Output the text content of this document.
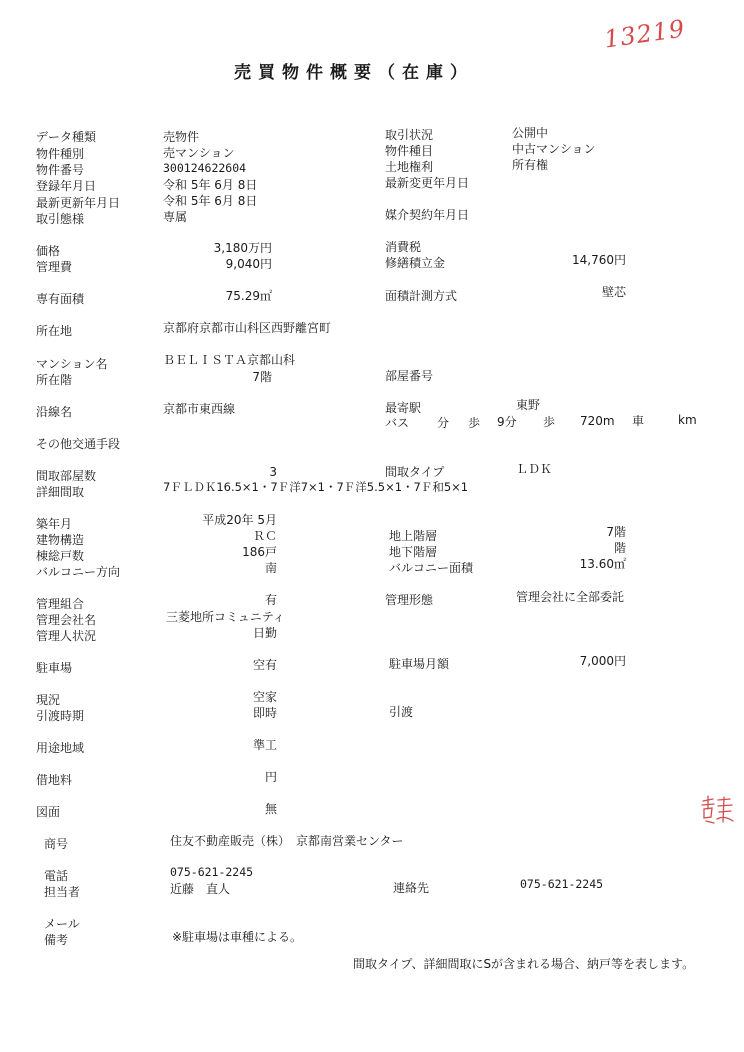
13219
売買物件概要（在庫）
データ種類	売物件
物件種別	売マンション
物件番号	300124622604
登録年月日	令和 5年 6月 8日
最新更新年月日	令和 5年 6月 8日
取引態様	専属
取引状況	公開中
物件種目	中古マンション
土地権利	所有権
最新変更年月日
媒介契約年月日
価格	3,180万円
管理費	9,040円
消費税
修繕積立金	14,760円
専有面積	75.29㎡	面積計測方式	壁芯
所在地	京都府京都市山科区西野離宮町
マンション名	ＢＥＬＩＳＴＡ京都山科
所在階	7階	部屋番号
沿線名	京都市東西線	最寄駅	東野
バス 分 歩 9分 歩 720m 車	km
その他交通手段
間取部屋数	3	間取タイプ	ＬＤＫ
詳細間取	7ＦＬＤＫ16.5×1・7Ｆ洋7×1・7Ｆ洋5.5×1・7Ｆ和5×1
築年月	平成20年 5月
建物構造	ＲＣ
棟総戸数	186戸
バルコニー方向	南
地上階層	7階
地下階層	階
バルコニー面積	13.60㎡
管理組合	有
管理会社名	三菱地所コミュニティ
管理人状況	日勤
管理形態	管理会社に全部委託
駐車場	空有	駐車場月額	7,000円
現況	空家
引渡時期	即時	引渡
用途地域	準工
借地料	円
図面	無
商号	住友不動産販売（株）　京都南営業センター
電話	075-621-2245
担当者	近藤　直人	連絡先	075-621-2245
メール
備考	※駐車場は車種による。
間取タイプ、詳細間取にSが含まれる場合、納戸等を表します。
